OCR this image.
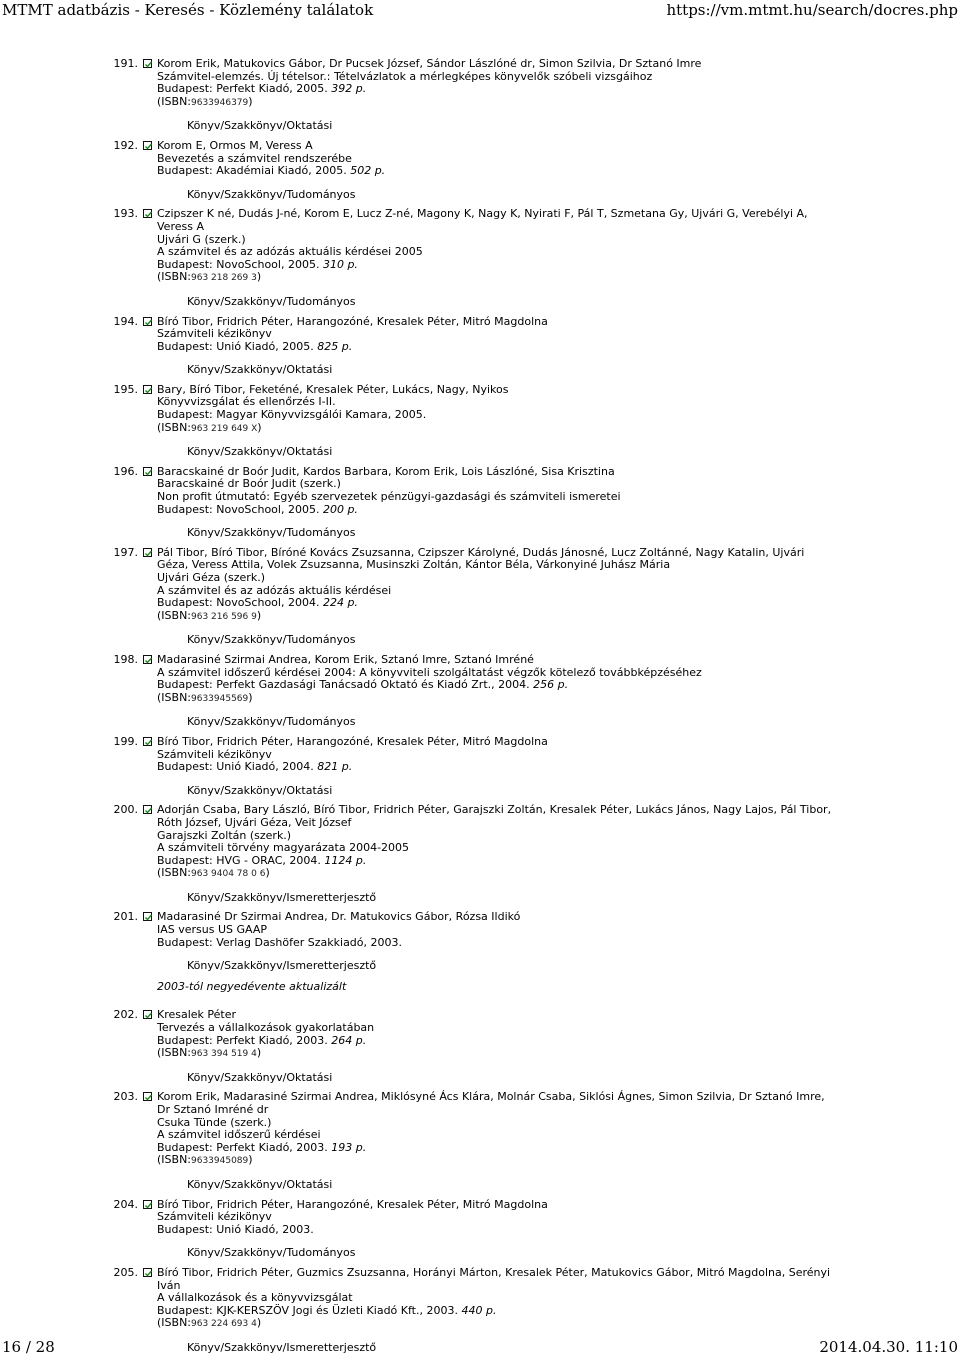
MTMT adatbázis - Keresés - Közlemény találatok	https://vm.mtmt.hu/search/docres.php
191. Korom Erik, Matukovics Gábor, Dr Pucsek József, Sándor Lászlóné dr, Simon Szilvia, Dr Sztanó Imre
Számvitel-elemzés. Új tételsor.: Tételvázlatok a mérlegképes könyvelők szóbeli vizsgáihoz
Budapest: Perfekt Kiadó, 2005. 392 p.
(ISBN:9633946379)
Könyv/Szakkönyv/Oktatási
192. Korom E, Ormos M, Veress A
Bevezetés a számvitel rendszerébe
Budapest: Akadémiai Kiadó, 2005. 502 p.
Könyv/Szakkönyv/Tudományos
193. Czipszer K né, Dudás J-né, Korom E, Lucz Z-né, Magony K, Nagy K, Nyirati F, Pál T, Szmetana Gy, Ujvári G, Verebélyi A, Veress A
Ujvári G (szerk.)
A számvitel és az adózás aktuális kérdései 2005
Budapest: NovoSchool, 2005. 310 p.
(ISBN:963 218 269 3)
Könyv/Szakkönyv/Tudományos
194. Bíró Tibor, Fridrich Péter, Harangozóné, Kresalek Péter, Mitró Magdolna
Számviteli kézikönyv
Budapest: Unió Kiadó, 2005. 825 p.
Könyv/Szakkönyv/Oktatási
195. Bary, Bíró Tibor, Feketéné, Kresalek Péter, Lukács, Nagy, Nyikos
Könyvvizsgálat és ellenőrzés I-II.
Budapest: Magyar Könyvvizsgálói Kamara, 2005.
(ISBN:963 219 649 X)
Könyv/Szakkönyv/Oktatási
196. Baracskainé dr Boór Judit, Kardos Barbara, Korom Erik, Lois Lászlóné, Sisa Krisztina
Baracskainé dr Boór Judit (szerk.)
Non profit útmutató: Egyéb szervezetek pénzügyi-gazdasági és számviteli ismeretei
Budapest: NovoSchool, 2005. 200 p.
Könyv/Szakkönyv/Tudományos
197. Pál Tibor, Bíró Tibor, Bíróné Kovács Zsuzsanna, Czipszer Károlyné, Dudás Jánosné, Lucz Zoltánné, Nagy Katalin, Ujvári Géza, Veress Attila, Volek Zsuzsanna, Musinszki Zoltán, Kántor Béla, Várkonyiné Juhász Mária
Ujvári Géza (szerk.)
A számvitel és az adózás aktuális kérdései
Budapest: NovoSchool, 2004. 224 p.
(ISBN:963 216 596 9)
Könyv/Szakkönyv/Tudományos
198. Madarasiné Szirmai Andrea, Korom Erik, Sztanó Imre, Sztanó Imréné
A számvitel időszerű kérdései 2004: A könyvviteli szolgáltatást végzők kötelező továbbképzéséhez
Budapest: Perfekt Gazdasági Tanácsadó Oktató és Kiadó Zrt., 2004. 256 p.
(ISBN:9633945569)
Könyv/Szakkönyv/Tudományos
199. Bíró Tibor, Fridrich Péter, Harangozóné, Kresalek Péter, Mitró Magdolna
Számviteli kézikönyv
Budapest: Unió Kiadó, 2004. 821 p.
Könyv/Szakkönyv/Oktatási
200. Adorján Csaba, Bary László, Bíró Tibor, Fridrich Péter, Garajszki Zoltán, Kresalek Péter, Lukács János, Nagy Lajos, Pál Tibor, Róth József, Ujvári Géza, Veit József
Garajszki Zoltán (szerk.)
A számviteli törvény magyarázata 2004-2005
Budapest: HVG - ORAC, 2004. 1124 p.
(ISBN:963 9404 78 0 6)
Könyv/Szakkönyv/Ismeretterjesztő
201. Madarasiné Dr Szirmai Andrea, Dr. Matukovics Gábor, Rózsa Ildikó
IAS versus US GAAP
Budapest: Verlag Dashöfer Szakkiadó, 2003.
Könyv/Szakkönyv/Ismeretterjesztő
2003-tól negyedévente aktualizált
202. Kresalek Péter
Tervezés a vállalkozások gyakorlatában
Budapest: Perfekt Kiadó, 2003. 264 p.
(ISBN:963 394 519 4)
Könyv/Szakkönyv/Oktatási
203. Korom Erik, Madarasiné Szirmai Andrea, Miklósyné Ács Klára, Molnár Csaba, Siklósi Ágnes, Simon Szilvia, Dr Sztanó Imre, Dr Sztanó Imréné dr
Csuka Tünde (szerk.)
A számvitel időszerű kérdései
Budapest: Perfekt Kiadó, 2003. 193 p.
(ISBN:9633945089)
Könyv/Szakkönyv/Oktatási
204. Bíró Tibor, Fridrich Péter, Harangozóné, Kresalek Péter, Mitró Magdolna
Számviteli kézikönyv
Budapest: Unió Kiadó, 2003.
Könyv/Szakkönyv/Tudományos
205. Bíró Tibor, Fridrich Péter, Guzmics Zsuzsanna, Horányi Márton, Kresalek Péter, Matukovics Gábor, Mitró Magdolna, Serényi Iván
A vállalkozások és a könyvvizsgálat
Budapest: KJK-KERSZÖV Jogi és Üzleti Kiadó Kft., 2003. 440 p.
(ISBN:963 224 693 4)
Könyv/Szakkönyv/Ismeretterjesztő
16 / 28	2014.04.30. 11:10
